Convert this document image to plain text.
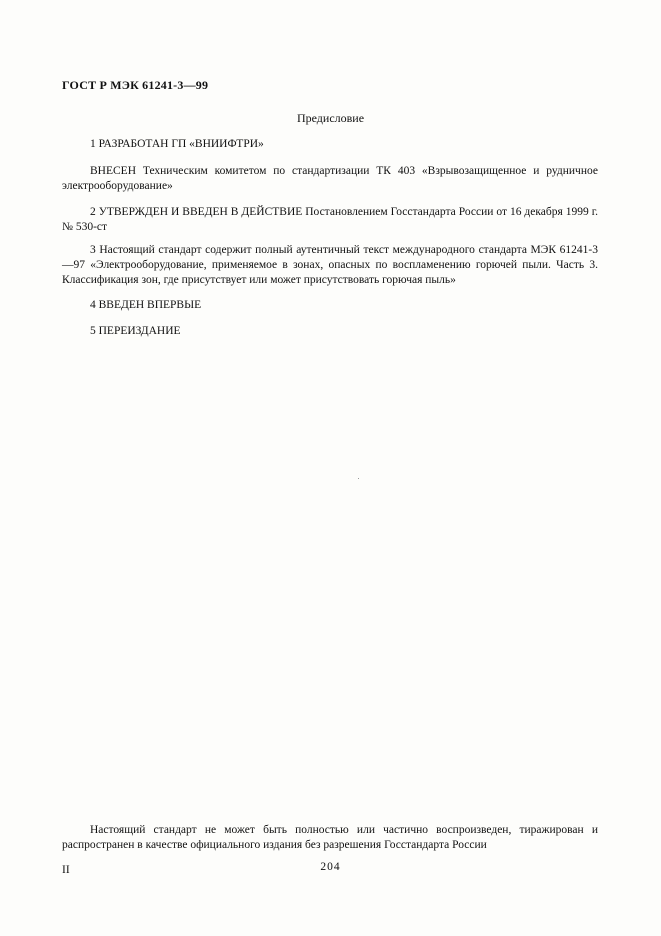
ГОСТ Р МЭК 61241-3—99
Предисловие

1 РАЗРАБОТАН ГП «ВНИИФТРИ»

ВНЕСЕН Техническим комитетом по стандартизации ТК 403 «Взрывозащищенное и рудничное электрооборудование»

2 УТВЕРЖДЕН И ВВЕДЕН В ДЕЙСТВИЕ Постановлением Госстандарта России от 16 декабря 1999 г. № 530-ст

3 Настоящий стандарт содержит полный аутентичный текст международного стандарта МЭК 61241-3—97 «Электрооборудование, применяемое в зонах, опасных по воспламенению горючей пыли. Часть 3. Классификация зон, где присутствует или может присутствовать горючая пыль»

4 ВВЕДЕН ВПЕРВЫЕ

5 ПЕРЕИЗДАНИЕ

Настоящий стандарт не может быть полностью или частично воспроизведен, тиражирован и распространен в качестве официального издания без разрешения Госстандарта России

II	204
